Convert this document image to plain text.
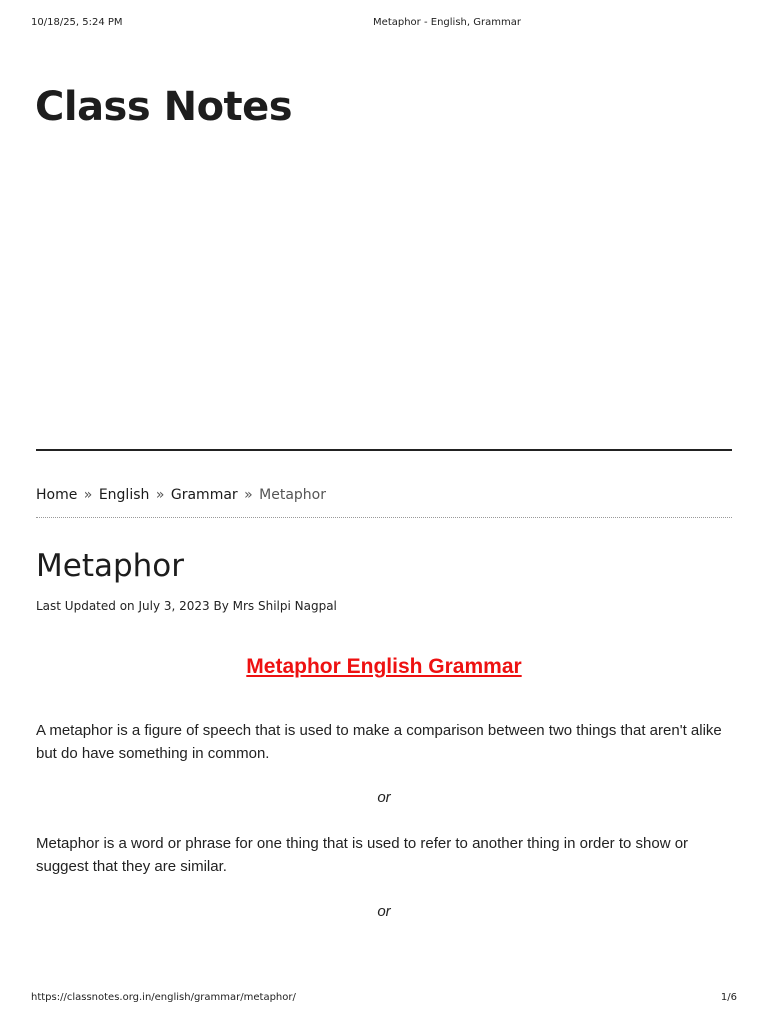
10/18/25, 5:24 PM	Metaphor - English, Grammar
Class Notes
Home » English » Grammar » Metaphor
Metaphor
Last Updated on July 3, 2023 By Mrs Shilpi Nagpal
Metaphor English Grammar

A metaphor is a figure of speech that is used to make a comparison between two things that aren't alike but do have something in common.

or

Metaphor is a word or phrase for one thing that is used to refer to another thing in order to show or suggest that they are similar.

or

https://classnotes.org.in/english/grammar/metaphor/	1/6
